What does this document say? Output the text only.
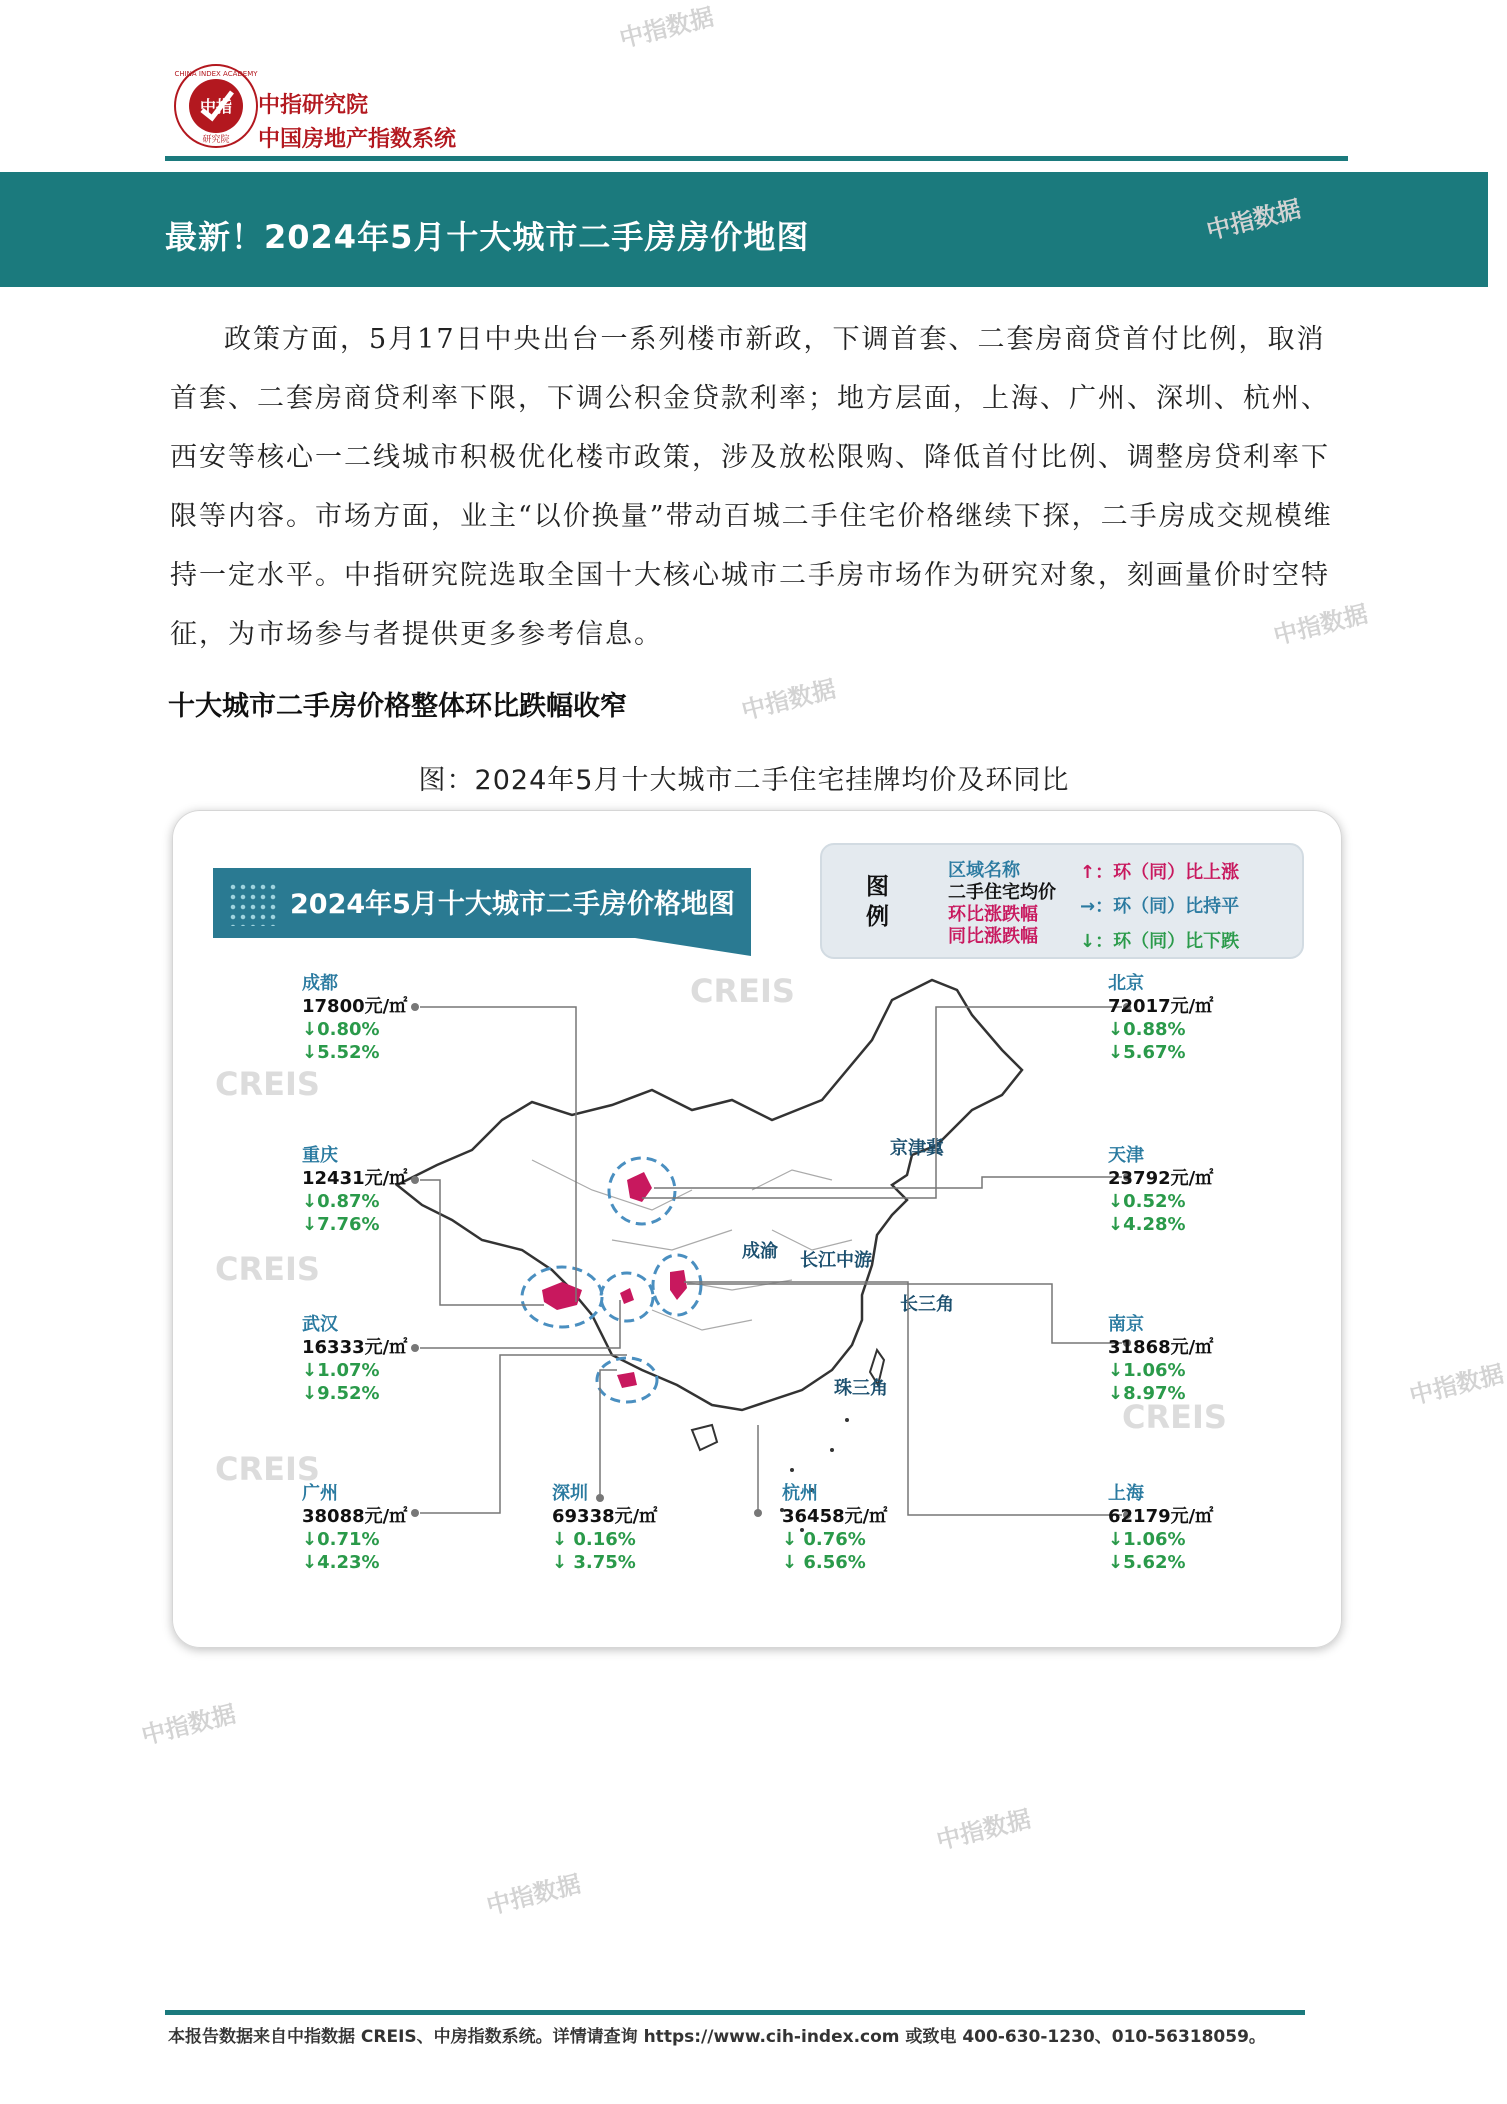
中指
研究院
CHINA INDEX ACADEMY
中指研究院
中国房地产指数系统
最新！2024年5月十大城市二手房房价地图

政策方面，5月17日中央出台一系列楼市新政，下调首套、二套房商贷首付比例，取消首套、二套房商贷利率下限，下调公积金贷款利率；地方层面，上海、广州、深圳、杭州、西安等核心一二线城市积极优化楼市政策，涉及放松限购、降低首付比例、调整房贷利率下限等内容。市场方面，业主“以价换量”带动百城二手住宅价格继续下探，二手房成交规模维持一定水平。中指研究院选取全国十大核心城市二手房市场作为研究对象，刻画量价时空特征，为市场参与者提供更多参考信息。

十大城市二手房价格整体环比跌幅收窄
图：2024年5月十大城市二手住宅挂牌均价及环同比
京津冀
成渝 长江中游
长三角
珠三角
2024年5月十大城市二手房价格地图
图例
区域名称
二手住宅均价
环比涨跌幅
同比涨跌幅
↑：环（同）比上涨
→：环（同）比持平
↓：环（同）比下跌
成都
17800元/㎡
↓0.80%
↓5.52%
重庆
12431元/㎡
↓0.87%
↓7.76%
武汉
16333元/㎡
↓1.07%
↓9.52%
广州
38088元/㎡
↓0.71%
↓4.23%
深圳
69338元/㎡
↓ 0.16%
↓ 3.75%
杭州
36458元/㎡
↓ 0.76%
↓ 6.56%
上海
62179元/㎡
↓1.06%
↓5.62%
南京
31868元/㎡
↓1.06%
↓8.97%
天津
23792元/㎡
↓0.52%
↓4.28%
北京
72017元/㎡
↓0.88%
↓5.67%
中指数据
中指数据
中指数据
中指数据
中指数据
中指数据
中指数据
中指数据
CREIS
CREIS
CREIS
CREIS
CREIS
本报告数据来自中指数据 CREIS、中房指数系统。详情请查询 https://www.cih-index.com 或致电 400-630-1230、010-56318059。
